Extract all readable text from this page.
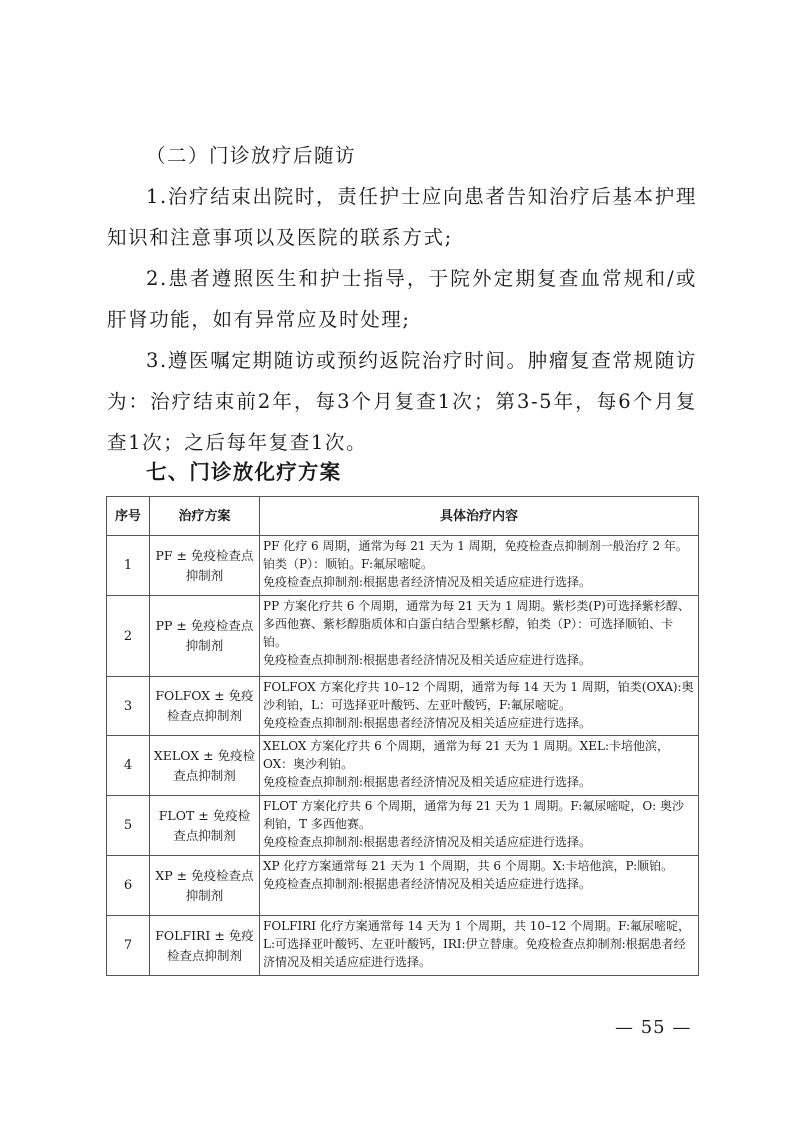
（二）门诊放疗后随访

1.治疗结束出院时，责任护士应向患者告知治疗后基本护理知识和注意事项以及医院的联系方式;

2.患者遵照医生和护士指导，于院外定期复查血常规和/或肝肾功能，如有异常应及时处理;

3.遵医嘱定期随访或预约返院治疗时间。肿瘤复查常规随访为：治疗结束前2年，每3个月复查1次；第3-5年，每6个月复查1次；之后每年复查1次。

七、门诊放化疗方案
序号	治疗方案	具体治疗内容
1	PF ± 免疫检查点抑制剂	PF 化疗 6 周期，通常为每 21 天为 1 周期，免疫检查点抑制剂一般治疗 2 年。铂类（P）：顺铂。F:氟尿嘧啶。
免疫检查点抑制剂:根据患者经济情况及相关适应症进行选择。

2	PP ± 免疫检查点抑制剂	PP 方案化疗共 6 个周期，通常为每 21 天为 1 周期。紫杉类(P)可选择紫杉醇、多西他赛、紫杉醇脂质体和白蛋白结合型紫杉醇，铂类（P）：可选择顺铂、卡铂。
免疫检查点抑制剂:根据患者经济情况及相关适应症进行选择。

3	FOLFOX ± 免疫检查点抑制剂	FOLFOX 方案化疗共 10–12 个周期，通常为每 14 天为 1 周期，铂类(OXA):奥沙利铂，L：可选择亚叶酸钙、左亚叶酸钙，F:氟尿嘧啶。
免疫检查点抑制剂:根据患者经济情况及相关适应症进行选择。

4	XELOX ± 免疫检查点抑制剂	XELOX 方案化疗共 6 个周期，通常为每 21 天为 1 周期。XEL:卡培他滨，OX：奥沙利铂。
免疫检查点抑制剂:根据患者经济情况及相关适应症进行选择。

5	FLOT ± 免疫检查点抑制剂	FLOT 方案化疗共 6 个周期，通常为每 21 天为 1 周期。F:氟尿嘧啶，O: 奥沙利铂，T 多西他赛。
免疫检查点抑制剂:根据患者经济情况及相关适应症进行选择。

6	XP ± 免疫检查点抑制剂	XP 化疗方案通常每 21 天为 1 个周期，共 6 个周期。X:卡培他滨，P:顺铂。
免疫检查点抑制剂:根据患者经济情况及相关适应症进行选择。

7	FOLFIRI ± 免疫检查点抑制剂	FOLFIRI 化疗方案通常每 14 天为 1 个周期，共 10–12 个周期。F:氟尿嘧啶，L:可选择亚叶酸钙、左亚叶酸钙，IRI:伊立替康。免疫检查点抑制剂:根据患者经济情况及相关适应症进行选择。
— 55 —
